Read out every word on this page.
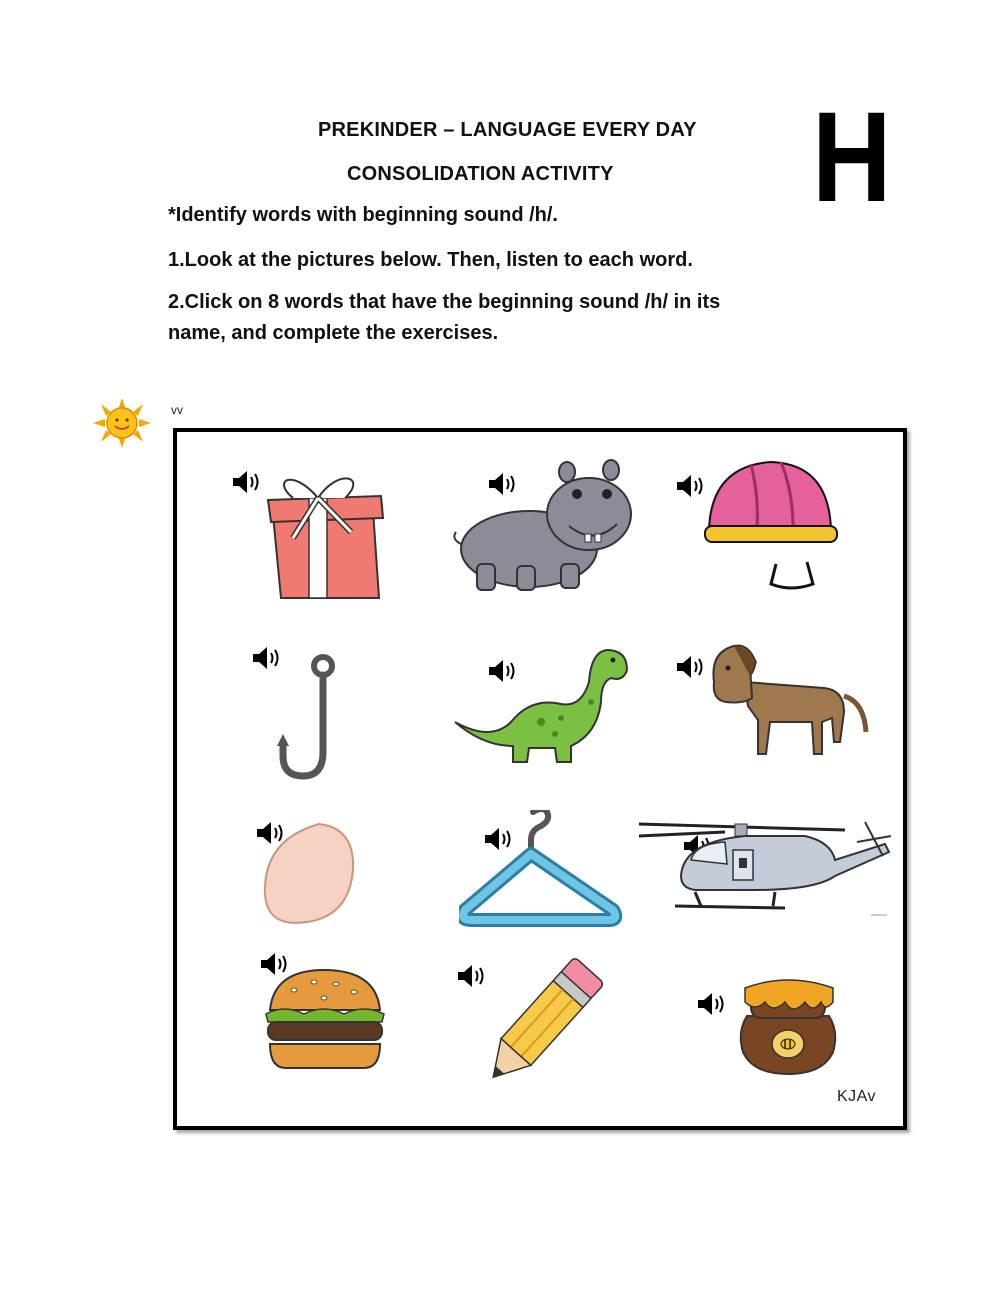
PREKINDER – LANGUAGE EVERY DAY
CONSOLIDATION ACTIVITY H
*Identify words with beginning sound /h/.
1.Look at the pictures below. Then, listen to each word.
2.Click on 8 words that have the beginning sound /h/ in its
name, and complete the exercises.
vv
KJAv
